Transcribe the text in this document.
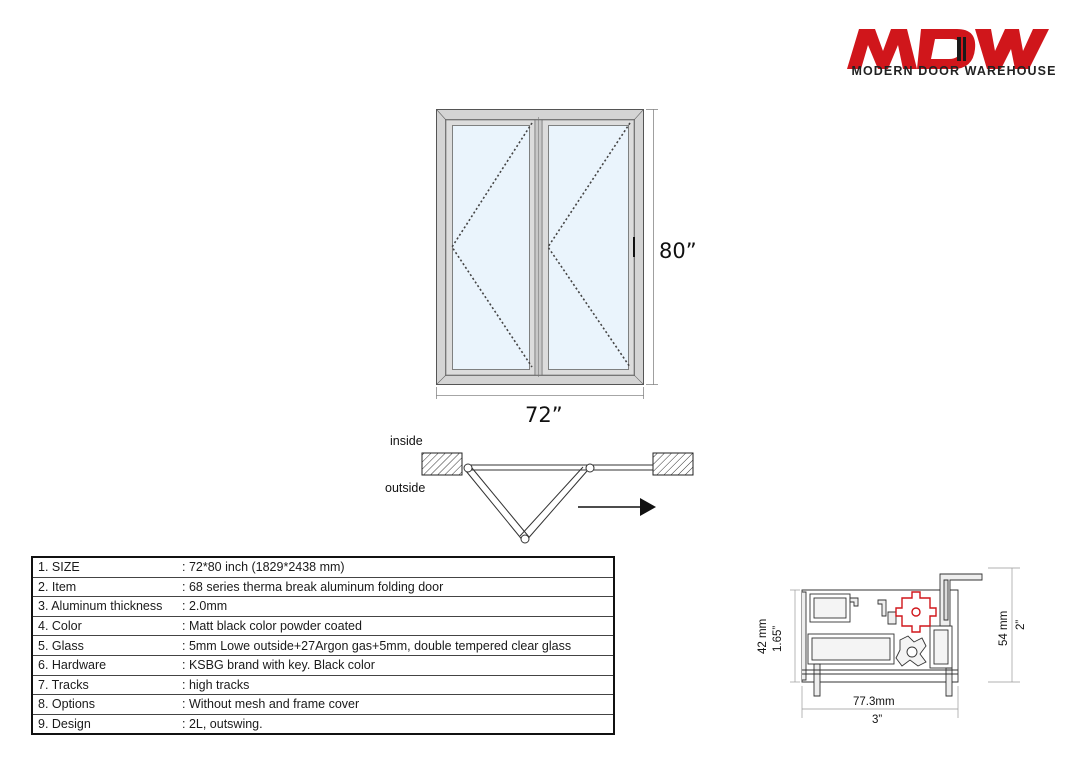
MDW
MODERN DOOR WAREHOUSE
80”
72”
inside
outside
1. SIZE	: 72*80 inch (1829*2438 mm)
2. Item	: 68 series therma break aluminum folding door
3. Aluminum thickness	: 2.0mm
4. Color	: Matt black color powder coated
5. Glass	: 5mm Lowe outside+27Argon gas+5mm, double tempered clear glass
6. Hardware	: KSBG brand with key. Black color
7. Tracks	: high tracks
8. Options	: Without mesh and frame cover
9. Design	: 2L, outswing.
42 mm 1.65”	54 mm 2”
77.3mm
3”
